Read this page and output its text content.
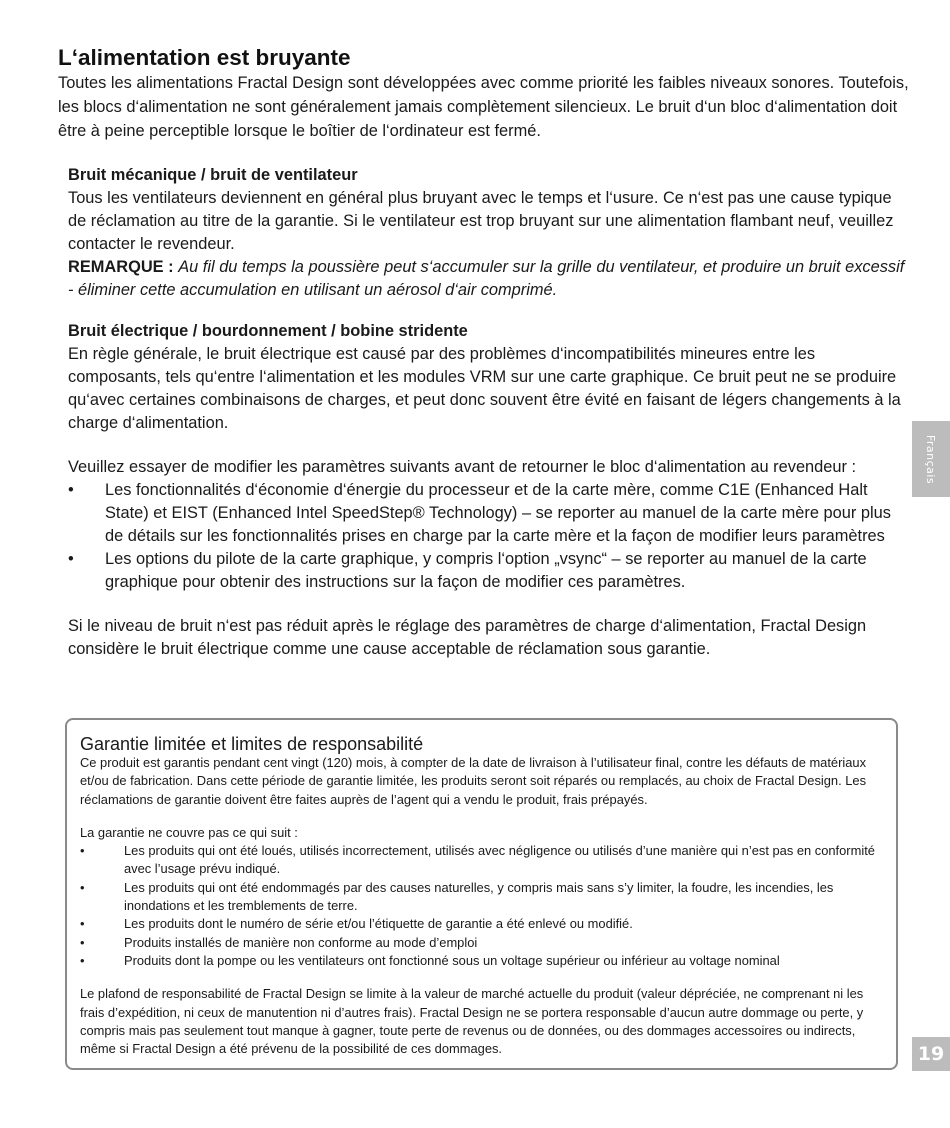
L‘alimentation est bruyante

Toutes les alimentations Fractal Design sont développées avec comme priorité les faibles niveaux sonores. Toutefois, les blocs d‘alimentation ne sont généralement jamais complètement silencieux. Le bruit d‘un bloc d‘alimentation doit être à peine perceptible lorsque le boîtier de l‘ordinateur est fermé.

Bruit mécanique / bruit de ventilateur

Tous les ventilateurs deviennent en général plus bruyant avec le temps et l‘usure. Ce n‘est pas une cause typique de réclamation au titre de la garantie. Si le ventilateur est trop bruyant sur une alimentation flambant neuf, veuillez contacter le revendeur.

REMARQUE : Au fil du temps la poussière peut s‘accumuler sur la grille du ventilateur, et produire un bruit excessif - éliminer cette accumulation en utilisant un aérosol d‘air comprimé.

Bruit électrique / bourdonnement / bobine stridente

En règle générale, le bruit électrique est causé par des problèmes d‘incompatibilités mineures entre les composants, tels qu‘entre l‘alimentation et les modules VRM sur une carte graphique. Ce bruit peut ne se produire qu‘avec certaines combinaisons de charges, et peut donc souvent être évité en faisant de légers changements à la charge d‘alimentation.

Veuillez essayer de modifier les paramètres suivants avant de retourner le bloc d‘alimentation au revendeur :

• Les fonctionnalités d‘économie d‘énergie du processeur et de la carte mère, comme C1E (Enhanced Halt State) et EIST (Enhanced Intel SpeedStep® Technology) – se reporter au manuel de la carte mère pour plus de détails sur les fonctionnalités prises en charge par la carte mère et la façon de modifier leurs paramètres
• Les options du pilote de la carte graphique, y compris l‘option „vsync“ – se reporter au manuel de la carte graphique pour obtenir des instructions sur la façon de modifier ces paramètres.

Si le niveau de bruit n‘est pas réduit après le réglage des paramètres de charge d‘alimentation, Fractal Design considère le bruit électrique comme une cause acceptable de réclamation sous garantie.

Garantie limitée et limites de responsabilité

Ce produit est garantis pendant cent vingt (120) mois, à compter de la date de livraison à l’utilisateur final, contre les défauts de matériaux et/ou de fabrication. Dans cette période de garantie limitée, les produits seront soit réparés ou remplacés, au choix de Fractal Design. Les réclamations de garantie doivent être faites auprès de l’agent qui a vendu le produit, frais prépayés.

La garantie ne couvre pas ce qui suit :

•	Les produits qui ont été loués, utilisés incorrectement, utilisés avec négligence ou utilisés d’une manière qui n’est pas en conformité avec l’usage prévu indiqué.
•	Les produits qui ont été endommagés par des causes naturelles, y compris mais sans s’y limiter, la foudre, les incendies, les inondations et les tremblements de terre.
•	Les produits dont le numéro de série et/ou l’étiquette de garantie a été enlevé ou modifié.
•	Produits installés de manière non conforme au mode d’emploi
•	Produits dont la pompe ou les ventilateurs ont fonctionné sous un voltage supérieur ou inférieur au voltage nominal

Le plafond de responsabilité de Fractal Design se limite à la valeur de marché actuelle du produit (valeur dépréciée, ne comprenant ni les frais d’expédition, ni ceux de manutention ni d’autres frais). Fractal Design ne se portera responsable d’aucun autre dommage ou perte, y compris mais pas seulement tout manque à gagner, toute perte de revenus ou de données, ou des dommages accessoires ou indirects, même si Fractal Design a été prévenu de la possibilité de ces dommages.

Français
19
